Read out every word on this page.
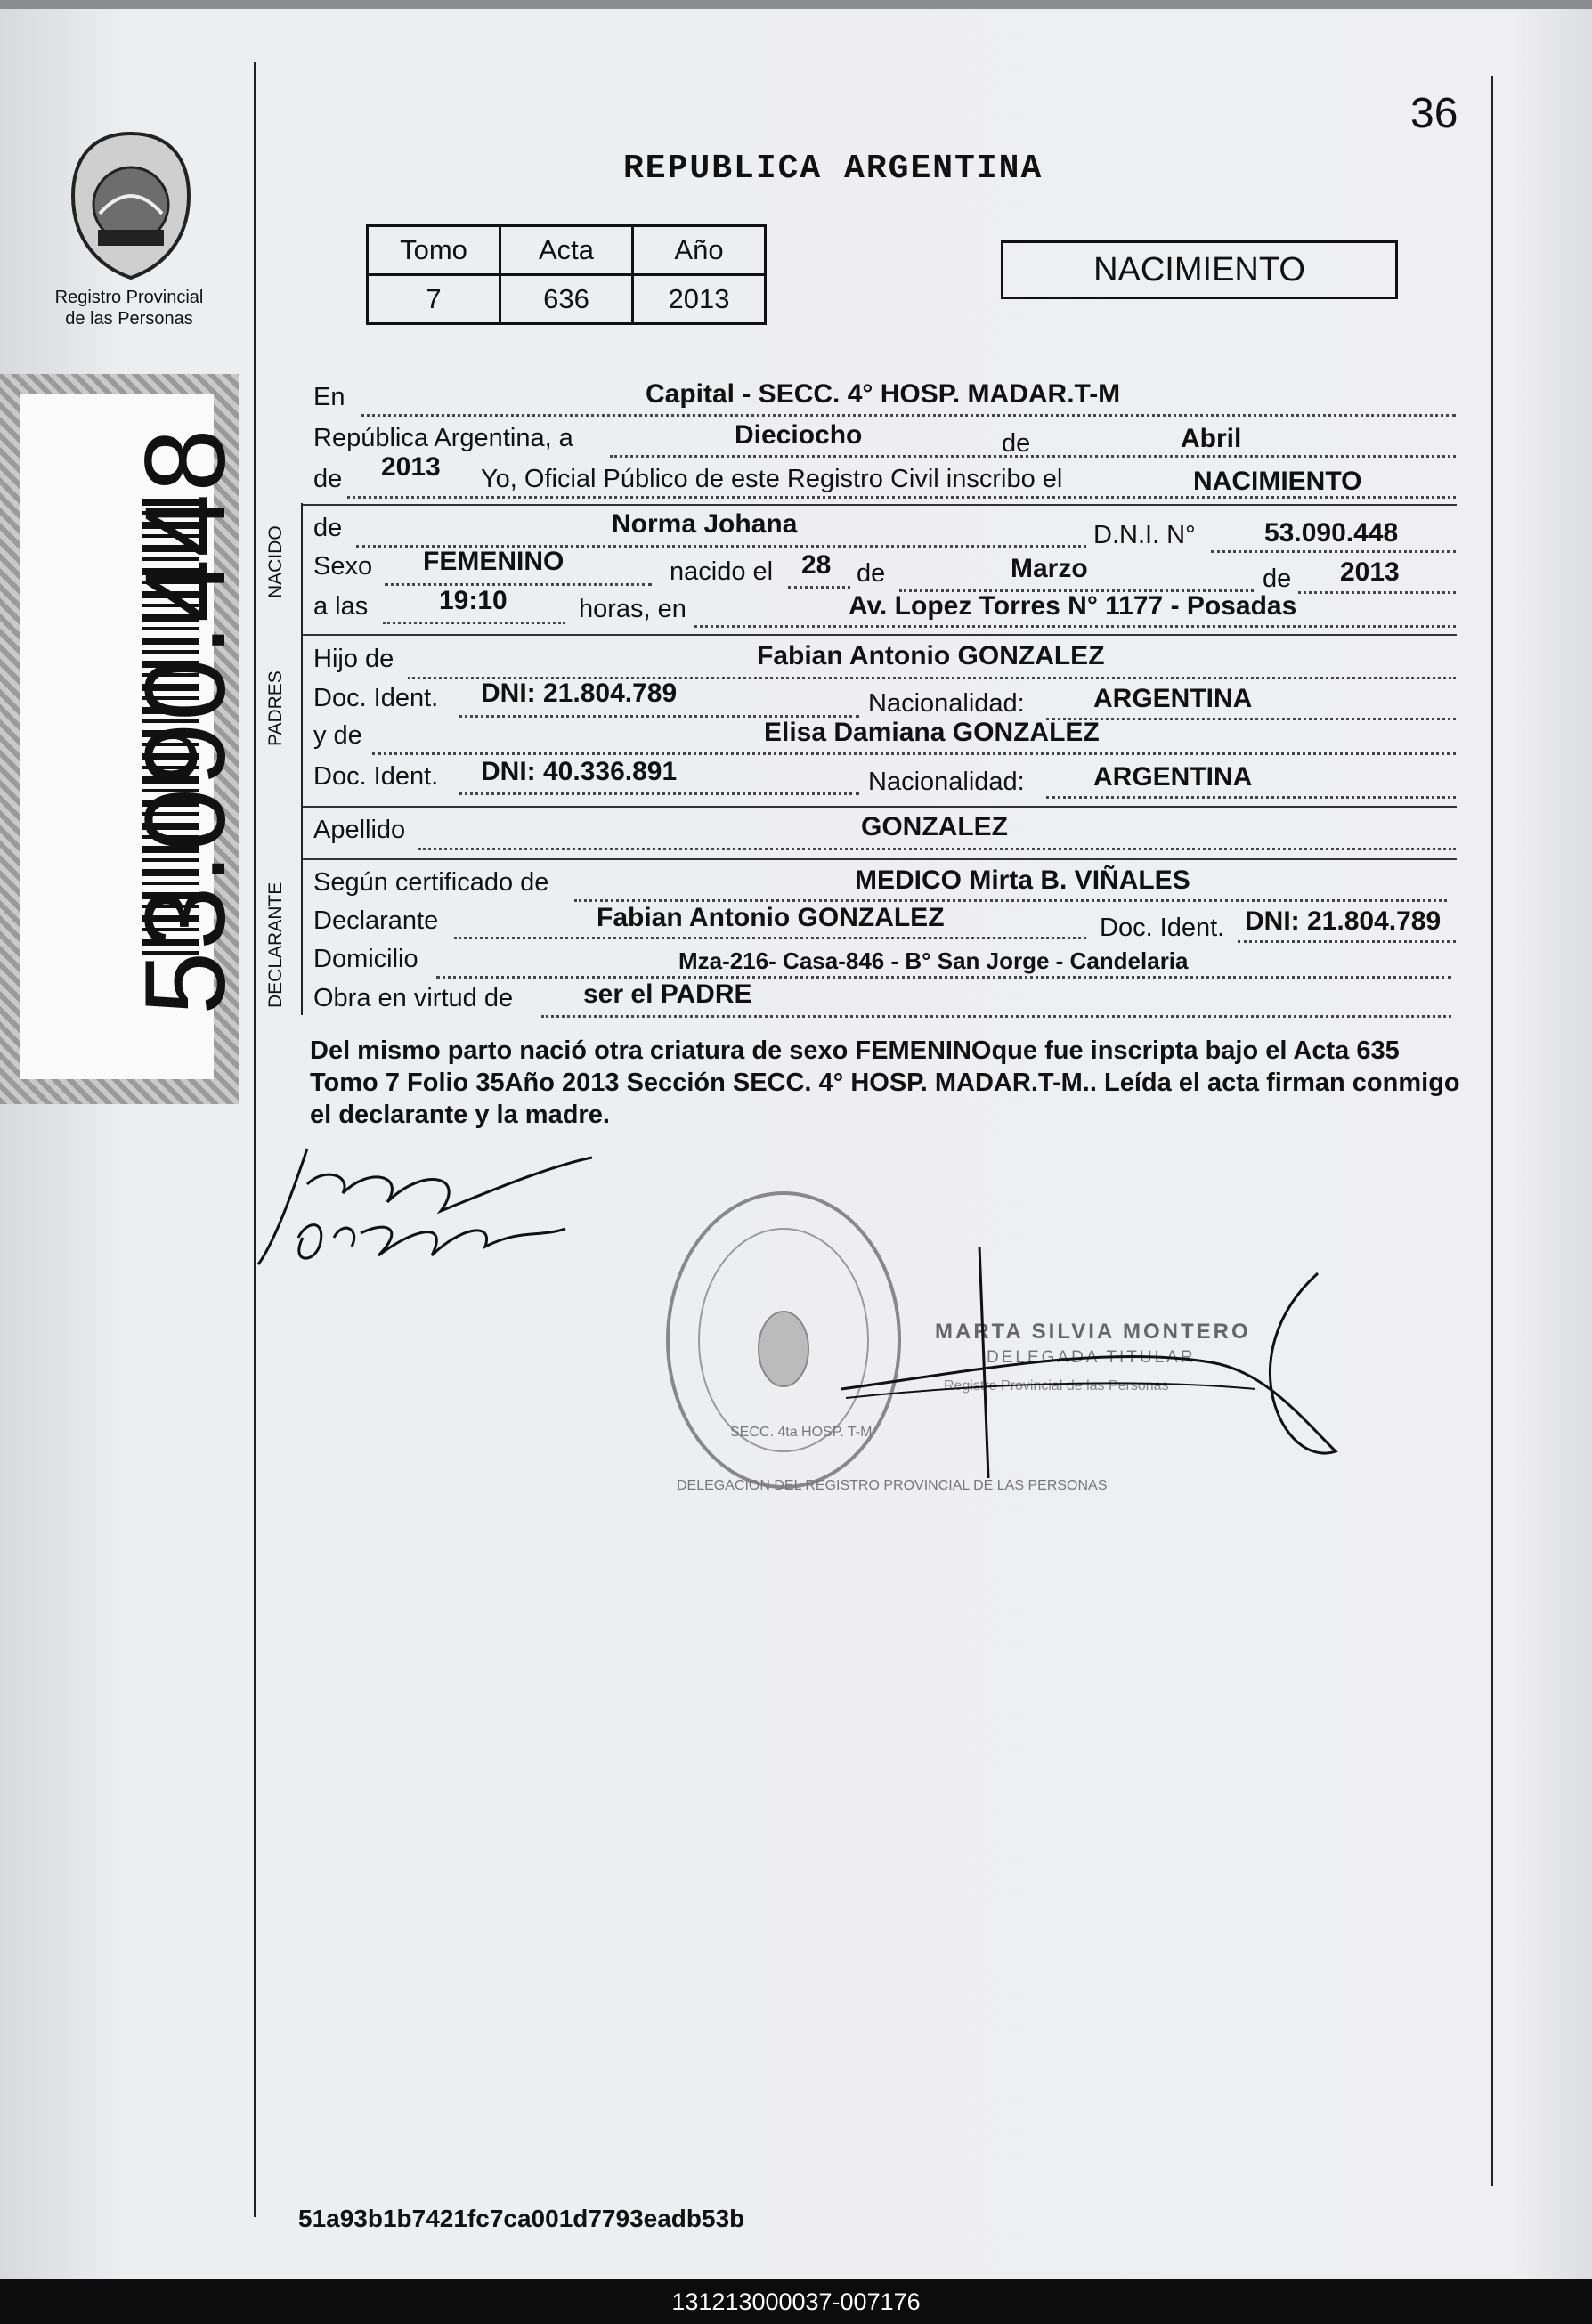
53.090.448
Registro Provincial
de las Personas
36
REPUBLICA ARGENTINA
Tomo	Acta	Año
7	636	2013
NACIMIENTO
NACIDO
PADRES
DECLARANTE
En	Capital - SECC. 4° HOSP. MADAR.T-M
República Argentina, a	Dieciocho	de	Abril
de 2013 Yo, Oficial Público de este Registro Civil inscribo el	NACIMIENTO
de	Norma Johana	D.N.I. N°	53.090.448
Sexo FEMENINO	nacido el 28 de	Marzo	de 2013
a las	19:10	horas, en	Av. Lopez Torres N° 1177 - Posadas
Hijo de	Fabian Antonio GONZALEZ
Doc. Ident. DNI: 21.804.789	Nacionalidad:	ARGENTINA
y de	Elisa Damiana GONZALEZ
Doc. Ident. DNI: 40.336.891	Nacionalidad:	ARGENTINA
Apellido	GONZALEZ
Según certificado de	MEDICO Mirta B. VIÑALES
Declarante	Fabian Antonio GONZALEZ	Doc. Ident. DNI: 21.804.789
Domicilio	Mza-216- Casa-846 - B° San Jorge - Candelaria
Obra en virtud de	ser el PADRE
Del mismo parto nació otra criatura de sexo FEMENINOque fue inscripta bajo el Acta 635 Tomo 7 Folio 35Año 2013 Sección SECC. 4° HOSP. MADAR.T-M.. Leída el acta firman conmigo el declarante y la madre.
DELEGACION DEL REGISTRO PROVINCIAL DE LAS PERSONAS
SECC. 4ta HOSP. T-M
MARTA SILVIA MONTERO
DELEGADA TITULAR
Registro Provincial de las Personas
51a93b1b7421fc7ca001d7793eadb53b
131213000037-007176
